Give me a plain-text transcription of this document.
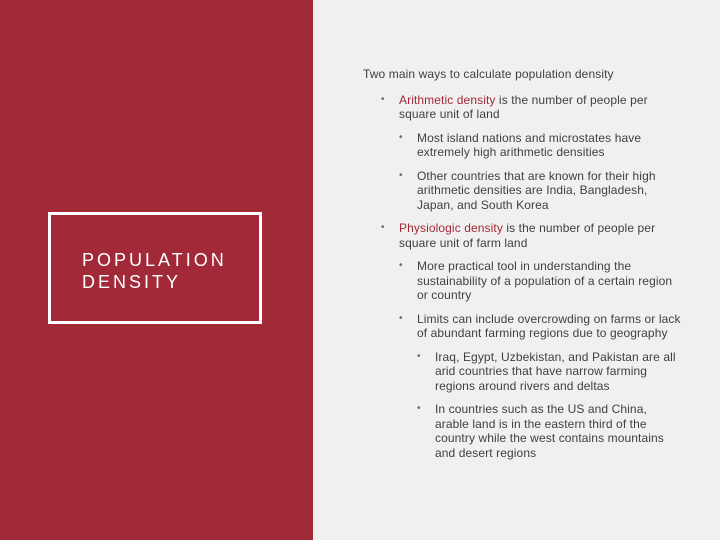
POPULATION
DENSITY
Two main ways to calculate population density
• Arithmetic density is the number of people per square unit of land
• Most island nations and microstates have extremely high arithmetic densities
• Other countries that are known for their high arithmetic densities are India, Bangladesh, Japan, and South Korea
• Physiologic density is the number of people per square unit of farm land
• More practical tool in understanding the sustainability of a population of a certain region or country
• Limits can include overcrowding on farms or lack of abundant farming regions due to geography
• Iraq, Egypt, Uzbekistan, and Pakistan are all arid countries that have narrow farming regions around rivers and deltas
• In countries such as the US and China, arable land is in the eastern third of the country while the west contains mountains and desert regions
